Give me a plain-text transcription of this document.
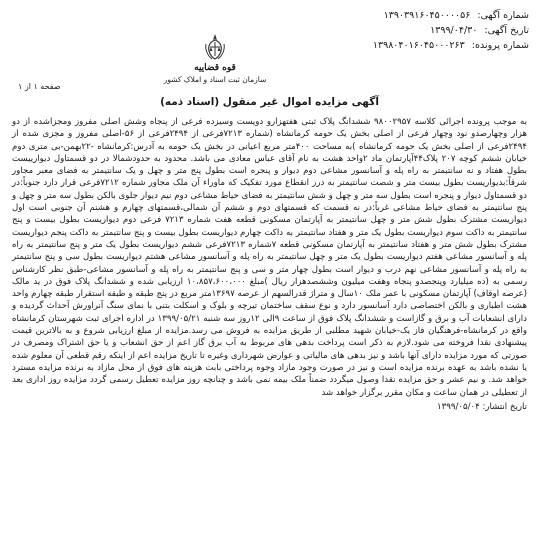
شماره آگهی: ۱۳۹۰۳۹۱۶۰۴۵۰۰۰۰۵۶
تاریخ آگهی: ۱۳۹۹/۰۴/۳۰
شماره پرونده: ۱۳۹۸۰۴۰۱۶۰۴۵۰۰۰۲۶۳
قوه قضاییه
سازمان ثبت اسناد و املاک کشور
صفحه ۱ از ۱
آگهی مزایده اموال غیر منقول (اسناد ذمه)
به موجب پرونده اجرائی کلاسه ۹۸۰۰۲۹۵۷ ششدانگ پلاک ثبتی هفتهزارو دویست وسیزده فرعی از پنجاه وشش اصلی مفروز ومجزاشده از دو هزار وچهارصدو نود وچهار فرعی از اصلی بخش یک حومه کرمانشاه (شماره ۷۲۱۳فرعی از ۲۴۹۴فرعی از ۵۶-اصلی مفروز و مجزی شده از ۲۴۹۴فرعی از اصلی بخش یک حومه کرمانشاه )به مساحت ۴۰۰متر مربع اعیانی در بخش یک حومه به آدرس:کرمانشاه -۲۲بهمن-بی متری دوم خیابان ششم کوچه ۲۰۷ پلاک۴۴آپارتمان ماد ۲واحد هشت به نام آقای عباس معادی می باشد. محدود به حدودشمالا در دو قسمتاول دیوارییست بطول هفتاد و نه سانتیمتر به راه پله و آسانسور مشاعی دوم دیوار و پنجره است بطول پنج متر و چهل و یک سانتیمتر به فضای معبر مجاور شرقاً:بدیواریست بطول بیست متر و شصت سانتیمتر به درز انقطاع مورد تفکیک که ماوراء آن ملک مجاور شماره ۷۲۱۲فرعی قرار دارد جنوباً:در دو قسمتاول دیوار و پنجره است بطول سه متر و چهل و شش سانتیمتر به فضای حیاط مشاعی دوم نیم دیوار جلوی بالکن بطول سه متر و چهل و پنج سانتیمتر به فضای حیاط مشاعی غرباً:در نه قسمت که قسمتهای دوم و ششم آن شمالی،قسمتهای چهارم و هشتم آن جنوبی است اول دیواریست مشترک بطول شش متر و چهل سانتیمتر به آپارتمان مسکونی قطعه هفت شماره ۷۲۱۳ فرعی دوم دیواریست بطول بیست و پنج سانتیمتر به داکت سوم دیواریست بطول یک متر و هفتاد سانتیمتر به داکت چهارم دیواریست بطول بیست و پنج سانتیمتر به داکت پنجم دیواریست مشترک بطول شش متر و هفتاد سانتیمتر به آپارتمان مسکونی قطعه ۷شماره ۷۲۱۳فرعی ششم دیواریست بطول یک متر و پنج سانتیمتر به راه پله و آسانسور مشاعی هفتم دیواریست بطول یک متر و چهل سانتیمتر به راه پله و آسانسور مشاعی هشتم دیواریست بطول سی و پنج سانتیمتر به راه پله و آسانسور مشاعی نهم درب و دیوار است بطول چهار متر و سی و پنج سانتیمتر به راه پله و آسانسور مشاعی-طبق نظر کارشناس رسمی به (ده میلیارد وپنجصدو پنجاه وهفت میلیون وششصدهزار ریال )مبلغ ۱۰،۸۵۷،۶۰۰،۰۰۰ ارزیابی شده و ششدانگ پلاک فوق در ید مالک (عرصه اوقاف) آپارتمان مسکونی با عمر ملک ۱۰سال و متراژ قدرالسهم از عرصه ۱۳۶۹۷متر مربع در پنج طبقه و طبقه استقرار طبقه چهارم واحد هشت اطباری و بالکن اختصاصی دارد آسانسور دارد و نوع سقف ساختمان تیرچه و بلوک و اسکلت بتنی با نمای سنگ آنراورش آحداث گردیده و دارای انشعابات آب و برق و گازاست و ششدانگ پلاک فوق از ساعت ۹الی ۱۲روز سه شنبه ۱۳۹۹/۰۵/۲۱ در اداره اجرای ثبت شهرستان کرمانشاه واقع در کرمانشاه-فرهنگیان فاز یک-خیابان شهید مطلبی از طریق مزایده به فروش می رسد.مزایده از مبلغ ارزیابی شروع و به بالاترین قیمت پیشنهادی نقدا فروخته می شود.لازم به ذکر است پرداخت بدهی های مربوط به آب برق گاز اعم از حق انشعاب و یا حق اشتراک ومصرف در صورتی که مورد مزایده دارای آنها باشد و نیز بدهی های مالیاتی و عوارض شهرداری وغیره تا تاریخ مزایده اعم از اینکه رقم قطعی آن معلوم شده یا نشده باشد به عهده برنده مزایده است و نیز در صورت وجود مازاد وجوه پرداختی بابت هزینه های فوق از محل مازاد به برنده مزایده مسترد خواهد شد. و نیم عشر و حق مزایده نقدا وصول میگردد ضمناً ملک بیمه نمی باشد و چنانچه روز مزایده تعطیل رسمی گردد مزایده روز اداری بعد از تعطیلی در همان ساعت و مکان مقرر برگزار خواهد شد
تاریخ انتشار: ۱۳۹۹/۰۵/۰۴
